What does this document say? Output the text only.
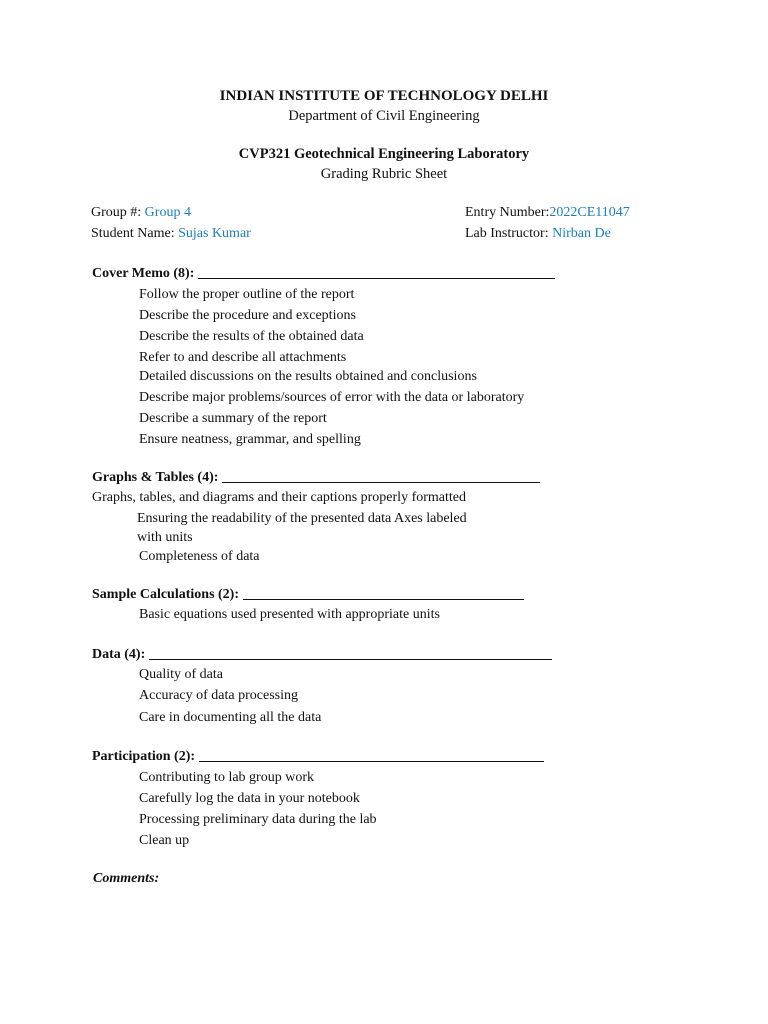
INDIAN INSTITUTE OF TECHNOLOGY DELHI
Department of Civil Engineering
CVP321 Geotechnical Engineering Laboratory
Grading Rubric Sheet
Group #: Group 4
Student Name: Sujas Kumar
Entry Number:2022CE11047
Lab Instructor: Nirban De
Cover Memo (8):
Follow the proper outline of the report
Describe the procedure and exceptions
Describe the results of the obtained data
Refer to and describe all attachments
Detailed discussions on the results obtained and conclusions
Describe major problems/sources of error with the data or laboratory
Describe a summary of the report
Ensure neatness, grammar, and spelling
Graphs & Tables (4):
Graphs, tables, and diagrams and their captions properly formatted
Ensuring the readability of the presented data Axes labeled
with units
Completeness of data
Sample Calculations (2):
Basic equations used presented with appropriate units
Data (4):
Quality of data
Accuracy of data processing
Care in documenting all the data
Participation (2):
Contributing to lab group work
Carefully log the data in your notebook
Processing preliminary data during the lab
Clean up
Comments:
